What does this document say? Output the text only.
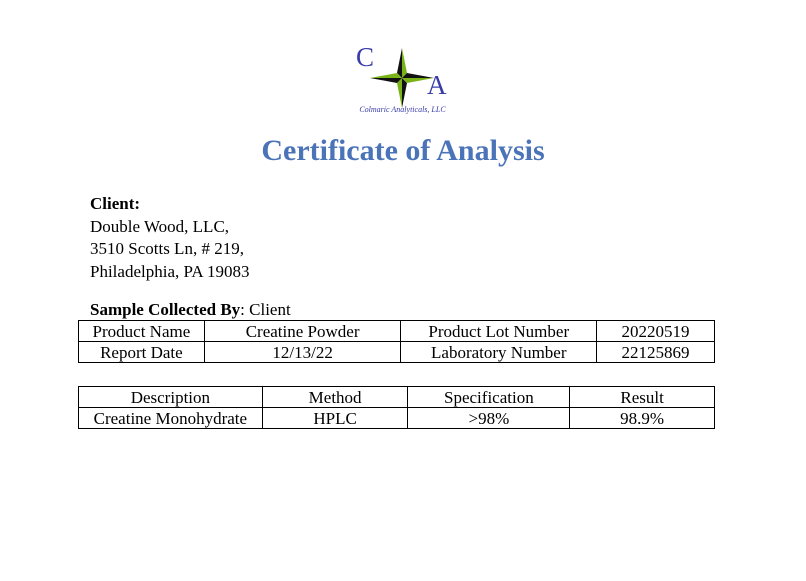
C
A
Colmaric Analyticals, LLC
Certificate of Analysis
Client:
Double Wood, LLC,
3510 Scotts Ln, # 219,
Philadelphia, PA 19083
Sample Collected By: Client
Product Name	Creatine Powder	Product Lot Number	20220519
Report Date	12/13/22	Laboratory Number	22125869
Description	Method	Specification	Result
Creatine Monohydrate	HPLC	>98%	98.9%
